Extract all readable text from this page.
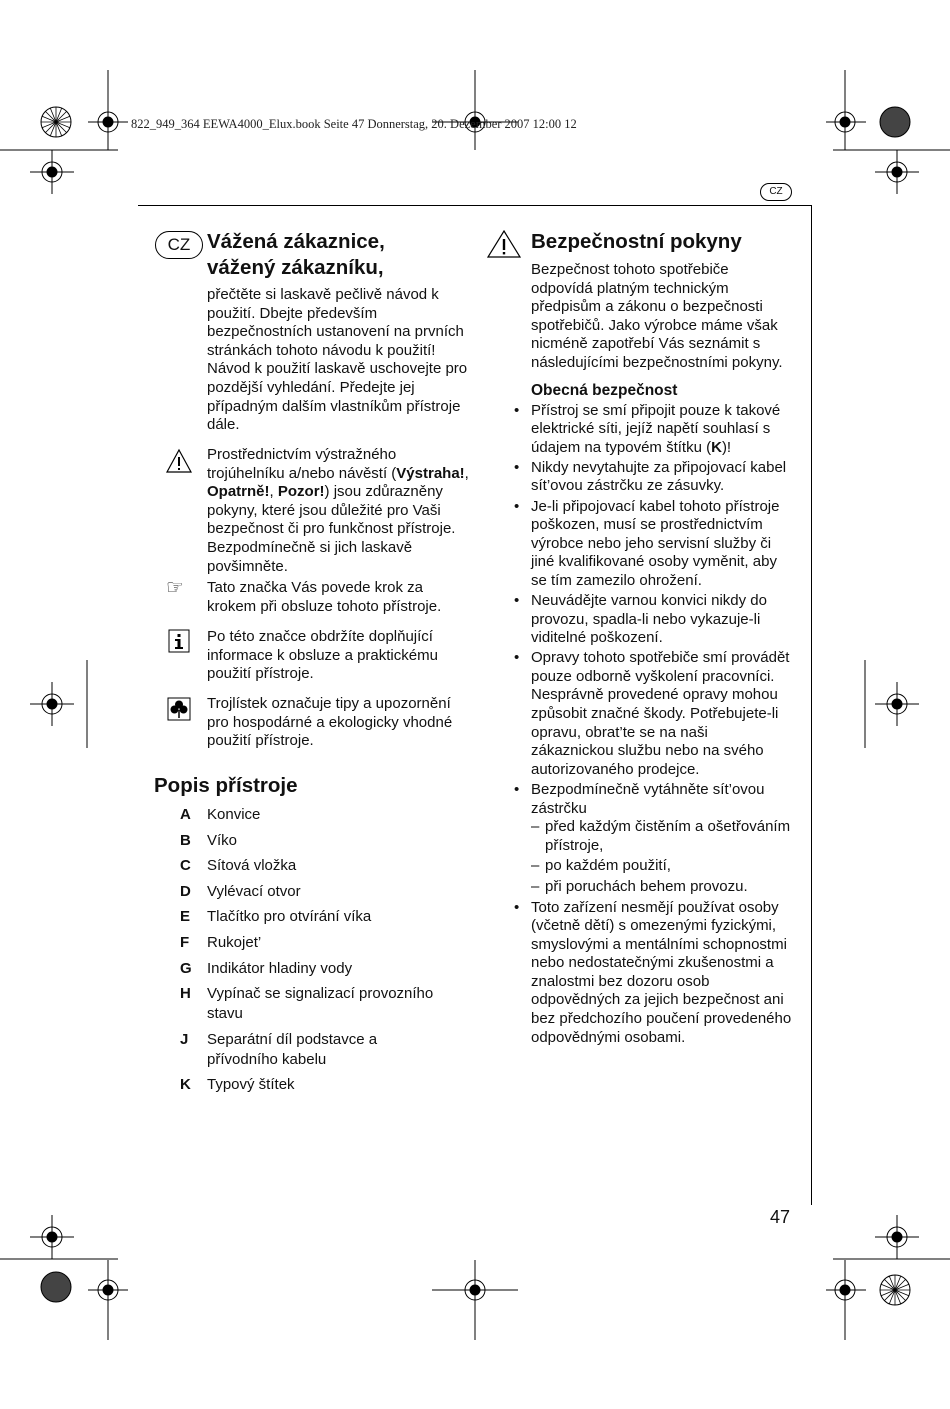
822_949_364 EEWA4000_Elux.book Seite 47 Donnerstag, 20. Dezember 2007 12:00 12
CZ
CZ Vážená zákaznice,
vážený zákazníku,
přečtěte si laskavě pečlivě návod k použití. Dbejte především bezpečnostních ustanovení na prvních stránkách tohoto návodu k použití! Návod k použití laskavě uschovejte pro pozdější vyhledání. Předejte jej případným dalším vlastníkům přístroje dále.
Prostřednictvím výstražného trojúhelníku a/nebo návěstí (Výstraha!, Opatrně!, Pozor!) jsou zdůrazněny pokyny, které jsou důležité pro Vaši bezpečnost či pro funkčnost přístroje. Bezpodmínečně si jich laskavě povšimněte.
☞	Tato značka Vás povede krok za krokem při obsluze tohoto přístroje.
Po této značce obdržíte doplňující informace k obsluze a praktickému použití přístroje.
Trojlístek označuje tipy a upozornění pro hospodárné a ekologicky vhodné použití přístroje.
Popis přístroje
A	Konvice
B	Víko
C	Sítová vložka
D	Vylévací otvor
E	Tlačítko pro otvírání víka
F	Rukojet’
G	Indikátor hladiny vody
H	Vypínač se signalizací provozního stavu
J	Separátní díl podstavce a přívodního kabelu
K	Typový štítek
Bezpečnostní pokyny
Bezpečnost tohoto spotřebiče odpovídá platným technickým předpisům a zákonu o bezpečnosti spotřebičů. Jako výrobce máme však nicméně zapotřebí Vás seznámit s následujícími bezpečnostními pokyny.
Obecná bezpečnost
• Přístroj se smí připojit pouze k takové elektrické síti, jejíž napětí souhlasí s údajem na typovém štítku (K)!
• Nikdy nevytahujte za připojovací kabel sít’ovou zástrčku ze zásuvky.
• Je-li připojovací kabel tohoto přístroje poškozen, musí se prostřednictvím výrobce nebo jeho servisní služby či jiné kvalifikované osoby vyměnit, aby se tím zamezilo ohrožení.
• Neuvádějte varnou konvici nikdy do provozu, spadla-li nebo vykazuje-li viditelné poškození.
• Opravy tohoto spotřebiče smí provádět pouze odborně vyškolení pracovníci. Nesprávně provedené opravy mohou způsobit značné škody. Potřebujete-li opravu, obrat’te se na naši zákaznickou službu nebo na svého autorizovaného prodejce.
• Bezpodmínečně vytáhněte sít’ovou zástrčku
– před každým čistěním a ošetřováním přístroje,
– po každém použití,
– při poruchách behem provozu.
• Toto zařízení nesmějí používat osoby (včetně dětí) s omezenými fyzickými, smyslovými a mentálními schopnostmi nebo nedostatečnými zkušenostmi a znalostmi bez dozoru osob odpovědných za jejich bezpečnost ani bez předchozího poučení provedeného odpovědnými osobami.
47
